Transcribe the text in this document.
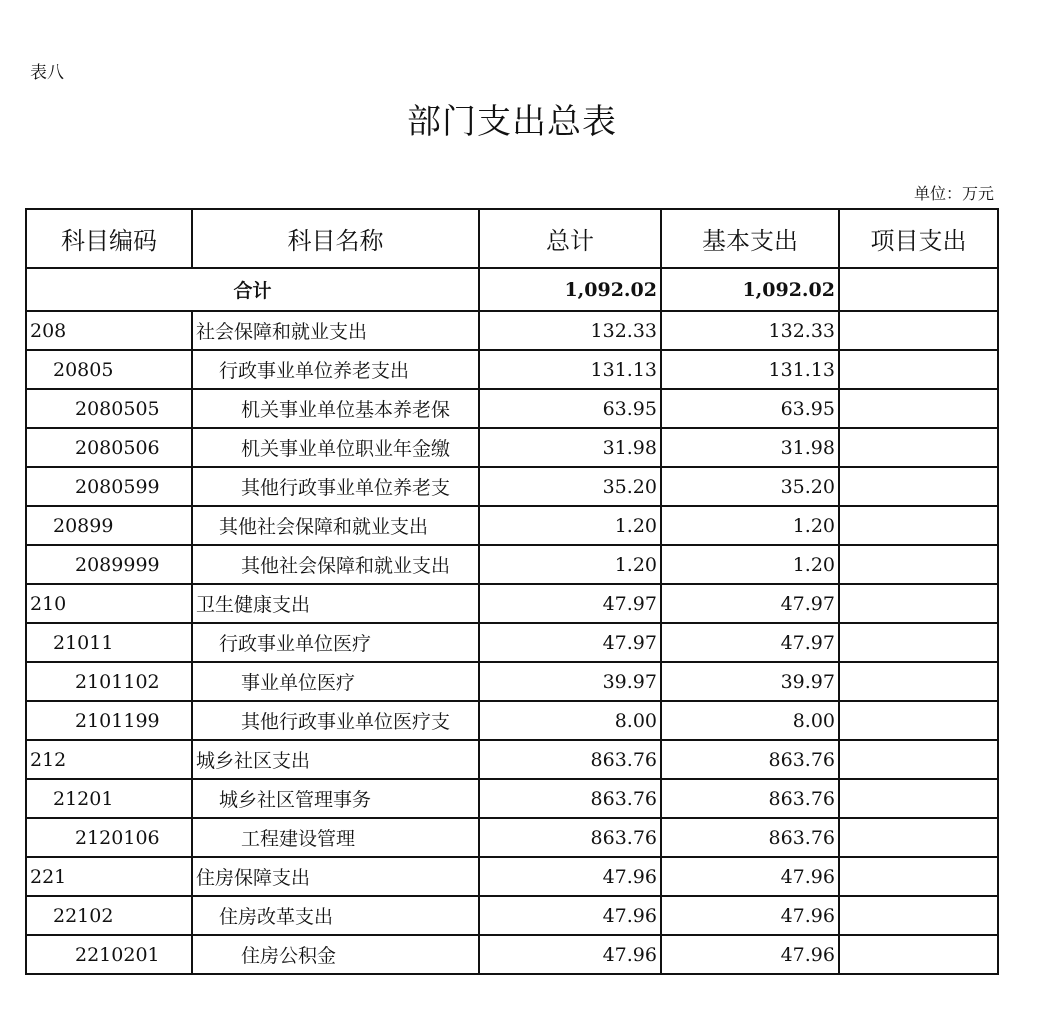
表八
部门支出总表
单位：万元
科目编码	科目名称	总计	基本支出	项目支出
合计		1,092.02	1,092.02	
208	社会保障和就业支出	132.33	132.33	
20805	行政事业单位养老支出	131.13	131.13	
2080505	机关事业单位基本养老保	63.95	63.95	
2080506	机关事业单位职业年金缴	31.98	31.98	
2080599	其他行政事业单位养老支	35.20	35.20	
20899	其他社会保障和就业支出	1.20	1.20	
2089999	其他社会保障和就业支出	1.20	1.20	
210	卫生健康支出	47.97	47.97	
21011	行政事业单位医疗	47.97	47.97	
2101102	事业单位医疗	39.97	39.97	
2101199	其他行政事业单位医疗支	8.00	8.00	
212	城乡社区支出	863.76	863.76	
21201	城乡社区管理事务	863.76	863.76	
2120106	工程建设管理	863.76	863.76	
221	住房保障支出	47.96	47.96	
22102	住房改革支出	47.96	47.96	
2210201	住房公积金	47.96	47.96	
